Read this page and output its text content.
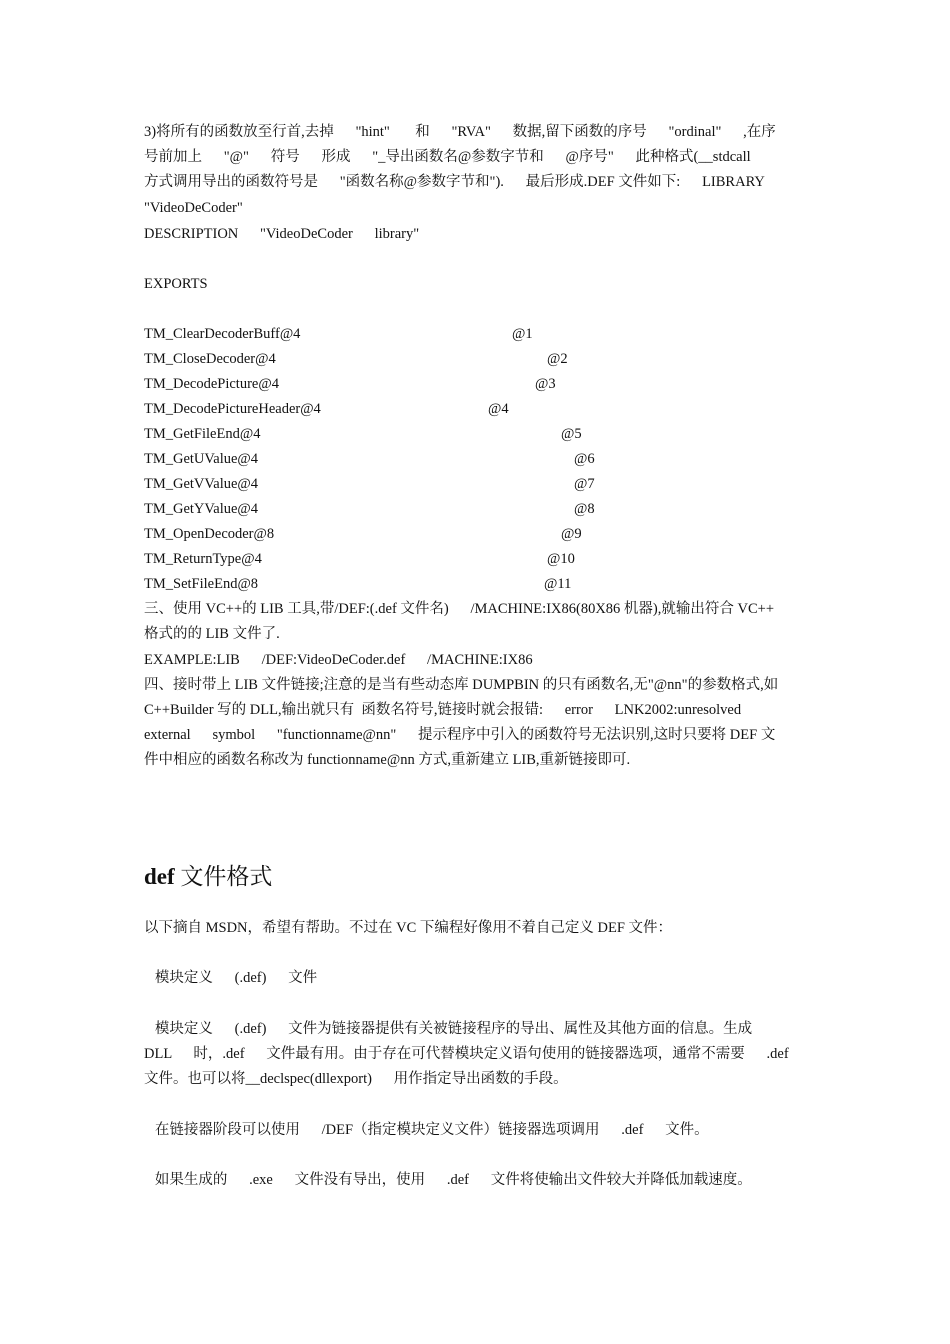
3)将所有的函数放至行首,去掉      "hint"       和      "RVA"      数据,留下函数的序号      "ordinal"      ,在序
号前加上      "@"      符号      形成      "_导出函数名@参数字节和      @序号"      此种格式(__stdcall
方式调用导出的函数符号是      "函数名称@参数字节和").      最后形成.DEF 文件如下:      LIBRARY
"VideoDeCoder"
DESCRIPTION      "VideoDeCoder      library"
EXPORTS
TM_ClearDecoderBuff@4	@1
TM_CloseDecoder@4	@2
TM_DecodePicture@4	@3
TM_DecodePictureHeader@4	@4
TM_GetFileEnd@4	@5
TM_GetUValue@4	@6
TM_GetVValue@4	@7
TM_GetYValue@4	@8
TM_OpenDecoder@8	@9
TM_ReturnType@4	@10
TM_SetFileEnd@8	@11
三、使用 VC++的 LIB 工具,带/DEF:(.def 文件名)      /MACHINE:IX86(80X86 机器),就输出符合 VC++
格式的的 LIB 文件了.
EXAMPLE:LIB      /DEF:VideoDeCoder.def      /MACHINE:IX86
四、接时带上 LIB 文件链接;注意的是当有些动态库 DUMPBIN 的只有函数名,无"@nn"的参数格式,如
C++Builder 写的 DLL,输出就只有  函数名符号,链接时就会报错:      error      LNK2002:unresolved
external      symbol      "functionname@nn"      提示程序中引入的函数符号无法识别,这时只要将 DEF 文
件中相应的函数名称改为 functionname@nn 方式,重新建立 LIB,重新链接即可.
def 文件格式
以下摘自 MSDN，希望有帮助。不过在 VC 下编程好像用不着自己定义 DEF 文件：
模块定义      (.def)      文件
模块定义      (.def)      文件为链接器提供有关被链接程序的导出、属性及其他方面的信息。生成
DLL      时，.def      文件最有用。由于存在可代替模块定义语句使用的链接器选项，通常不需要      .def
文件。也可以将__declspec(dllexport)      用作指定导出函数的手段。
在链接器阶段可以使用      /DEF（指定模块定义文件）链接器选项调用      .def      文件。
如果生成的      .exe      文件没有导出，使用      .def      文件将使输出文件较大并降低加载速度。
